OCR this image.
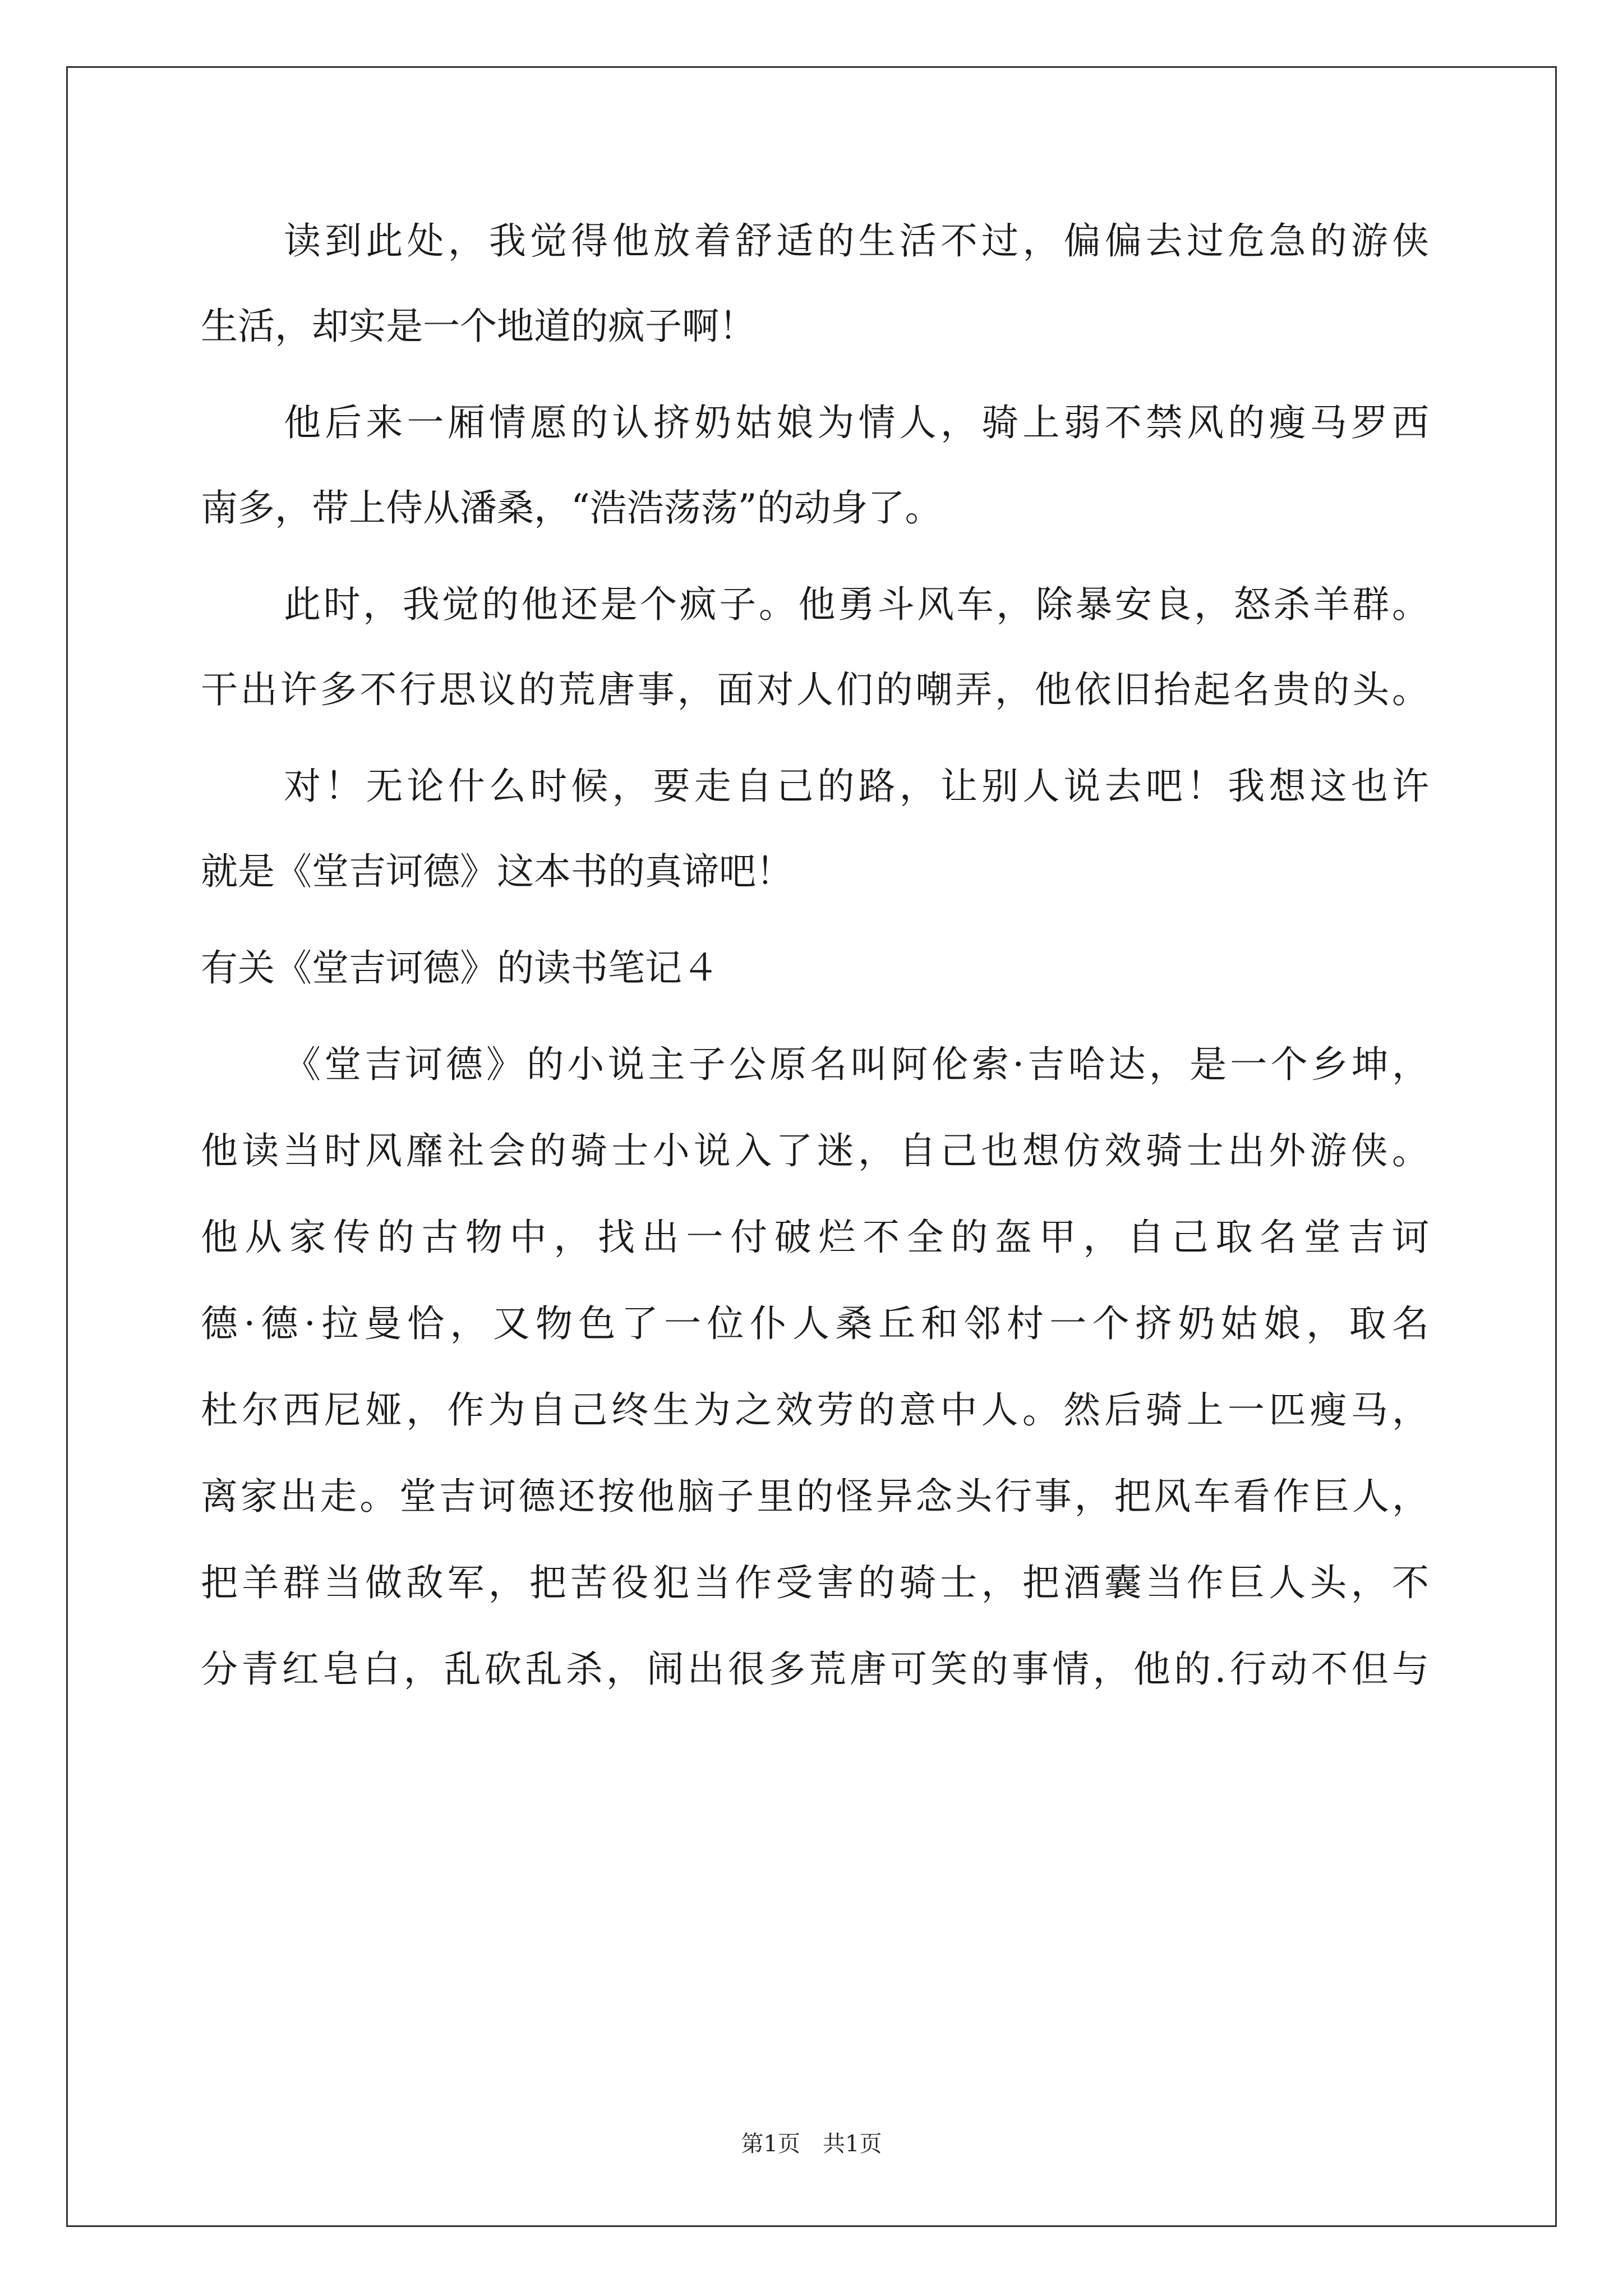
读到此处，我觉得他放着舒适的生活不过，偏偏去过危急的游侠
生活，却实是一个地道的疯子啊！
他后来一厢情愿的认挤奶姑娘为情人，骑上弱不禁风的瘦马罗西
南多，带上侍从潘桑，“浩浩荡荡”的动身了。
此时，我觉的他还是个疯子。他勇斗风车，除暴安良，怒杀羊群。
干出许多不行思议的荒唐事，面对人们的嘲弄，他依旧抬起名贵的头。
对！无论什么时候，要走自己的路，让别人说去吧！我想这也许
就是《堂吉诃德》这本书的真谛吧！
有关《堂吉诃德》的读书笔记４
《堂吉诃德》的小说主子公原名叫阿伦索·吉哈达，是一个乡坤，
他读当时风靡社会的骑士小说入了迷，自己也想仿效骑士出外游侠。
他从家传的古物中，找出一付破烂不全的盔甲，自己取名堂吉诃
德·德·拉曼恰，又物色了一位仆人桑丘和邻村一个挤奶姑娘，取名
杜尔西尼娅，作为自己终生为之效劳的意中人。然后骑上一匹瘦马，
离家出走。堂吉诃德还按他脑子里的怪异念头行事，把风车看作巨人，
把羊群当做敌军，把苦役犯当作受害的骑士，把酒囊当作巨人头，不
分青红皂白，乱砍乱杀，闹出很多荒唐可笑的事情，他的.行动不但与
第1页　共1页
